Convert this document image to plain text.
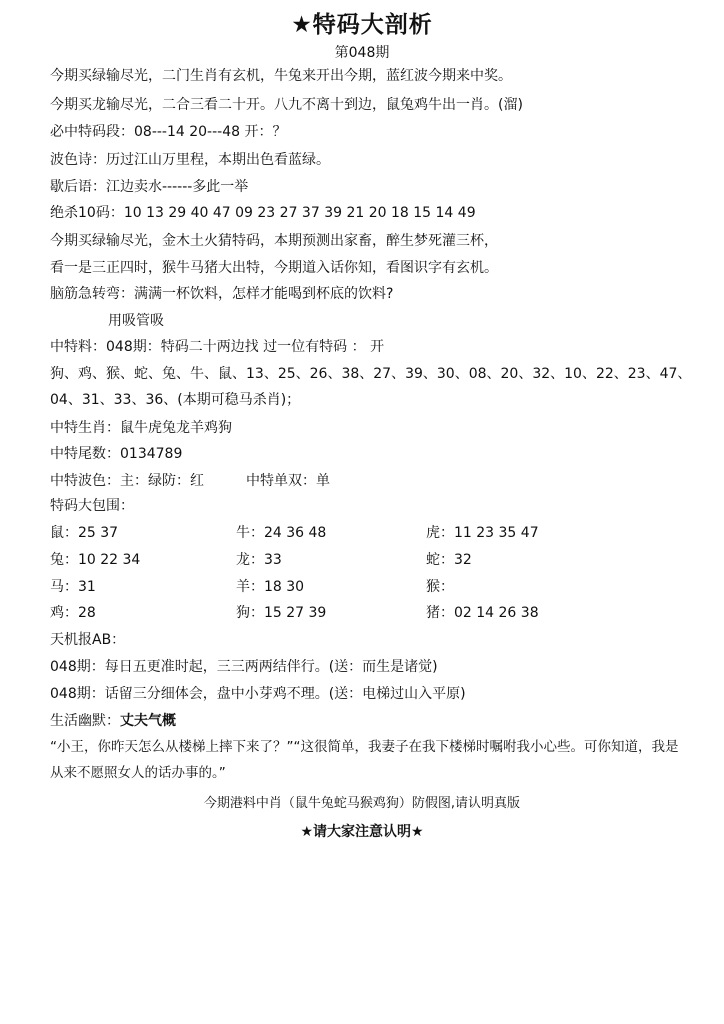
★特码大剖析
第048期
今期买绿输尽光，二门生肖有玄机，牛兔来开出今期，蓝红波今期来中奖。
今期买龙输尽光，二合三看二十开。八九不离十到边，鼠兔鸡牛出一肖。(溜)
必中特码段：08---14 20---48 开：？
波色诗：历过江山万里程，本期出色看蓝绿。
歇后语：江边卖水------多此一举
绝杀10码：10 13 29 40 47 09 23 27 37 39 21 20 18 15 14 49
今期买绿输尽光，金木土火猜特码，本期预测出家畜，醉生梦死灌三杯，
看一是三正四时，猴牛马猪大出特，今期道入话你知，看图识字有玄机。
脑筋急转弯：满满一杯饮料，怎样才能喝到杯底的饮料?
用吸管吸
中特料：048期：特码二十两边找 过一位有特码 ： 开
狗、鸡、猴、蛇、兔、牛、鼠、13、25、26、38、27、39、30、08、20、32、10、22、23、47、
04、31、33、36、(本期可稳马杀肖)；
中特生肖：鼠牛虎兔龙羊鸡狗
中特尾数：0134789
中特波色：主：绿防：红	中特单双：单
特码大包围：
鼠：25 37	牛：24 36 48	虎：11 23 35 47
兔：10 22 34	龙：33	蛇：32
马：31	羊：18 30	猴：
鸡：28	狗：15 27 39	猪：02 14 26 38
天机报AB：
048期：每日五更准时起，三三两两结伴行。(送：而生是诸觉)
048期：话留三分细体会，盘中小芽鸡不理。(送：电梯过山入平原)
生活幽默：丈夫气概
“小王，你昨天怎么从楼梯上摔下来了？”“这很简单，我妻子在我下楼梯时嘱咐我小心些。可你知道，我是从来不愿照女人的话办事的。”
今期港料中肖（鼠牛兔蛇马猴鸡狗）防假图,请认明真版
★请大家注意认明★
